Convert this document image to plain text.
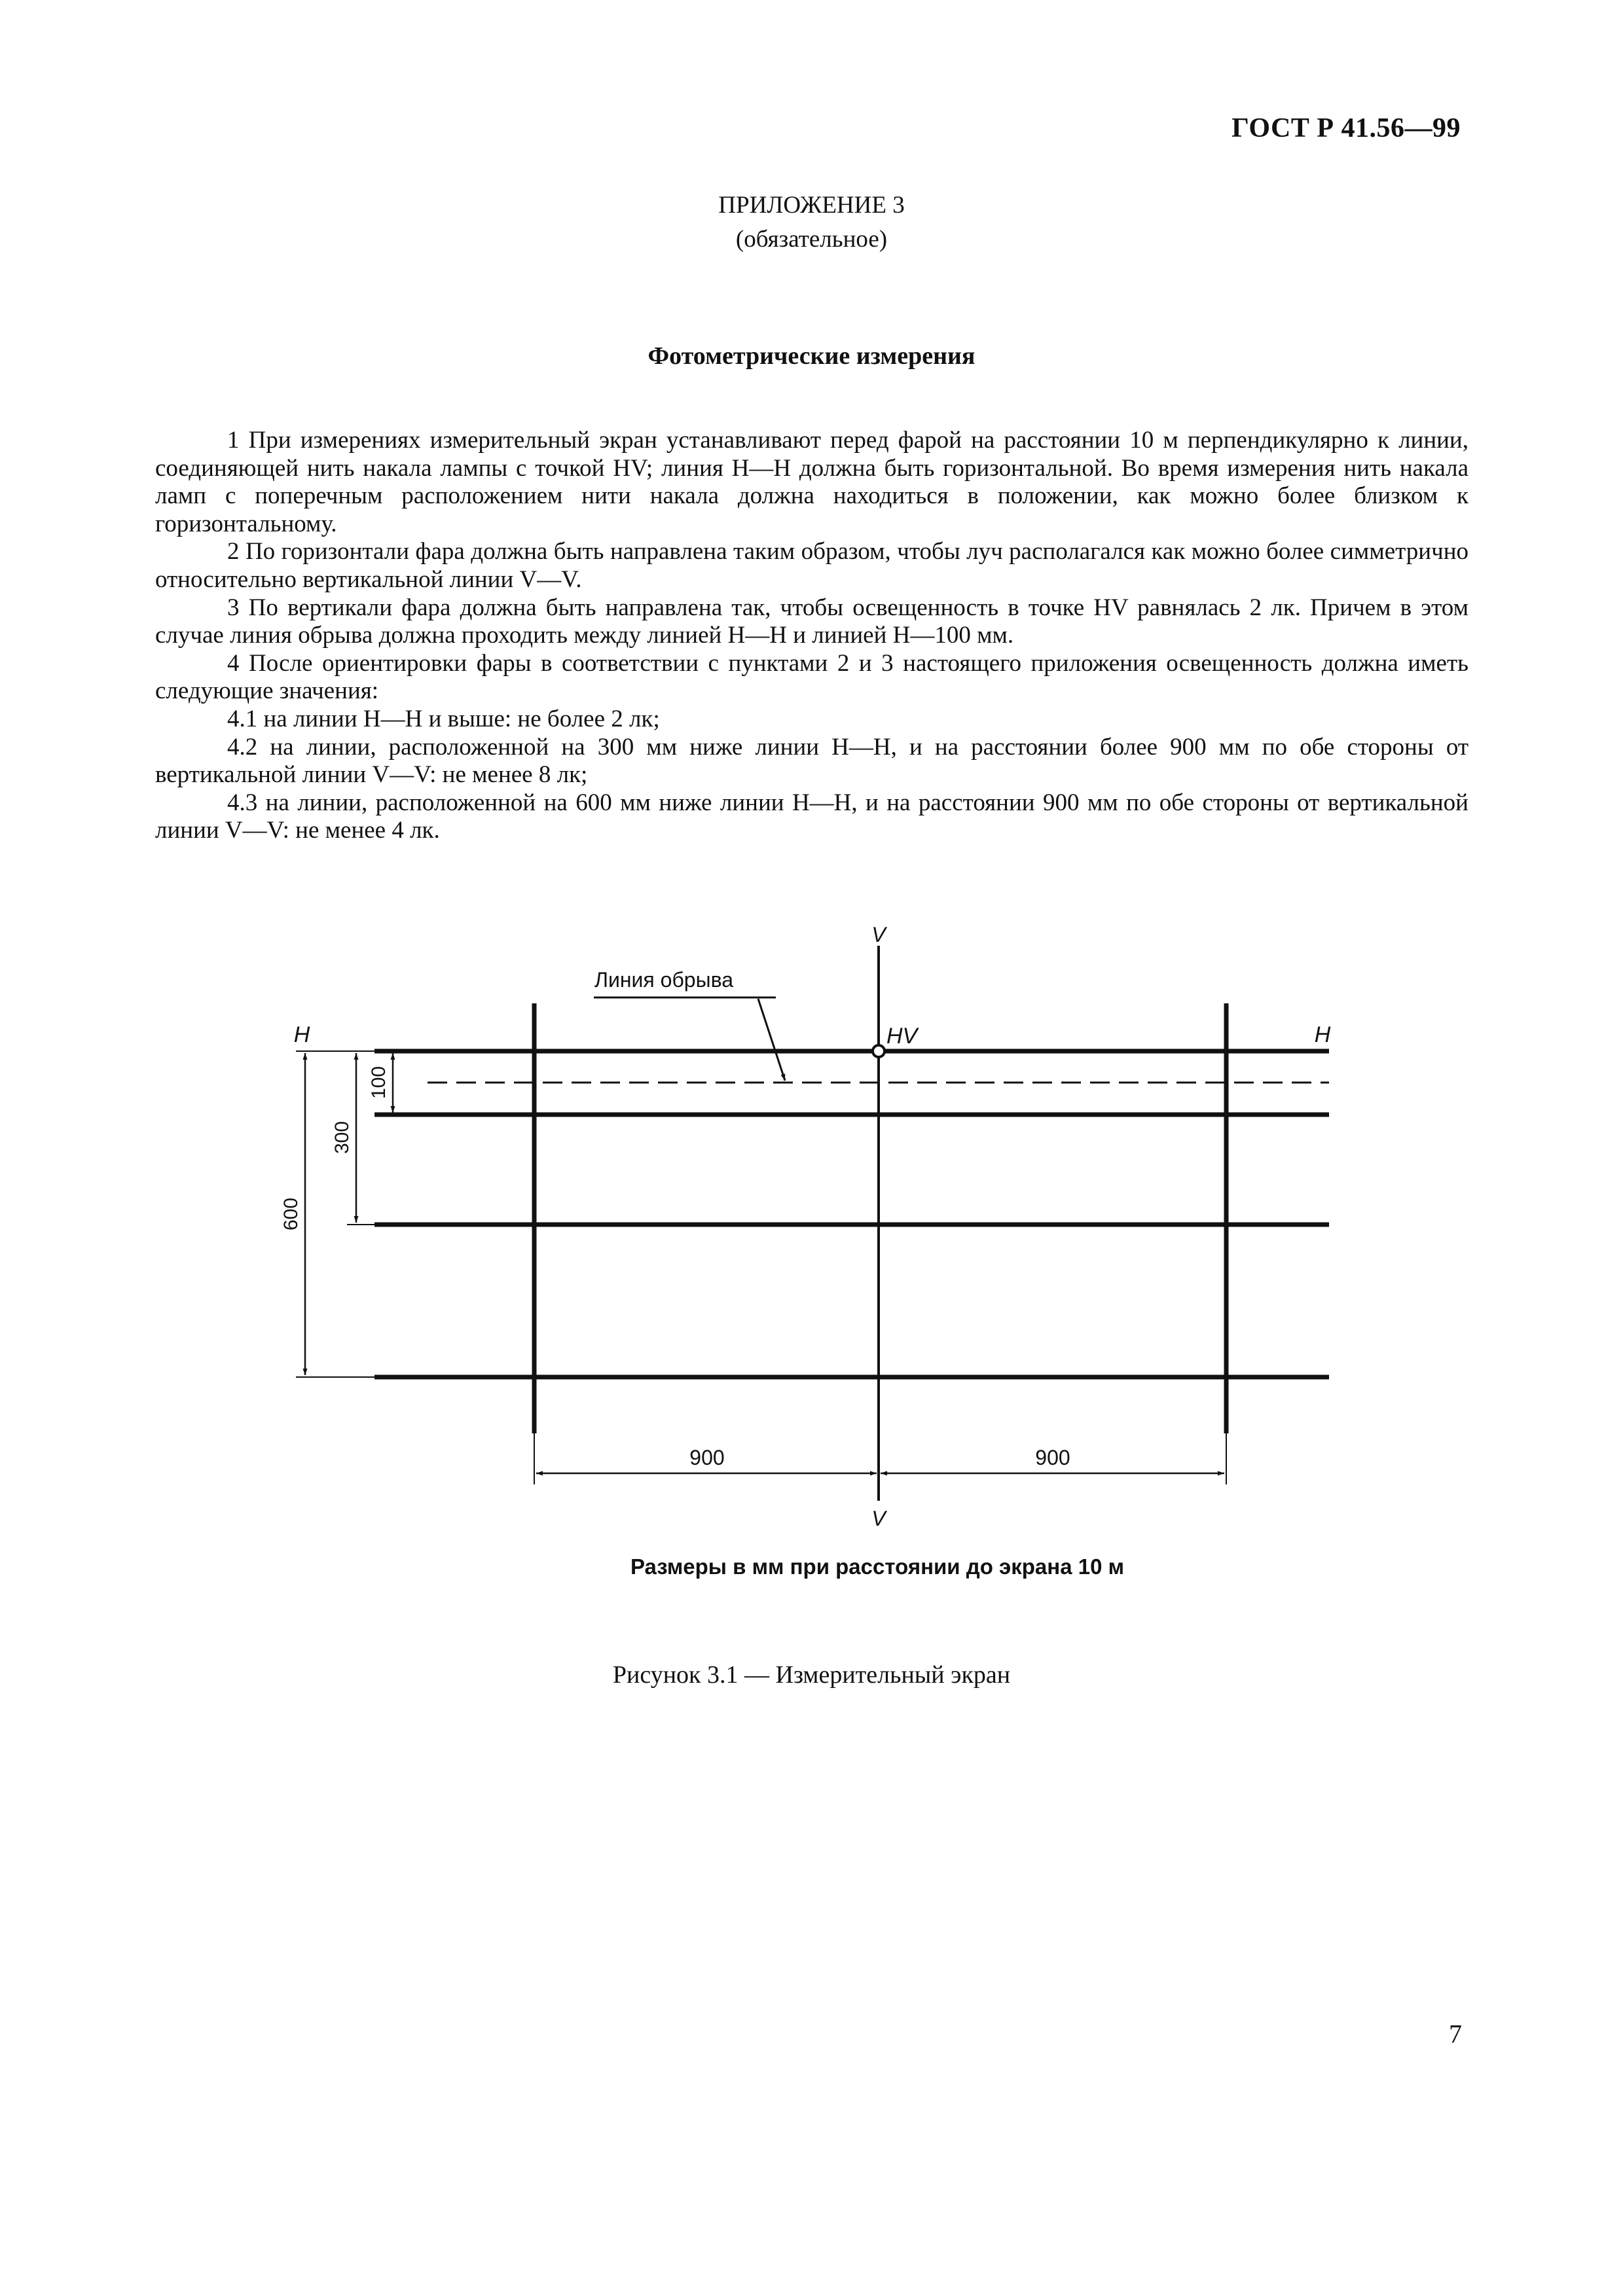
ГОСТ Р 41.56—99
ПРИЛОЖЕНИЕ 3
(обязательное)
Фотометрические измерения

1 При измерениях измерительный экран устанавливают перед фарой на расстоянии 10 м перпендикулярно к линии, соединяющей нить накала лампы с точкой HV; линия H—H должна быть горизонтальной. Во время измерения нить накала ламп с поперечным расположением нити накала должна находиться в положении, как можно более близком к горизонтальному.

2 По горизонтали фара должна быть направлена таким образом, чтобы луч располагался как можно более симметрично относительно вертикальной линии V—V.

3 По вертикали фара должна быть направлена так, чтобы освещенность в точке HV равнялась 2 лк. Причем в этом случае линия обрыва должна проходить между линией H—H и линией H—100 мм.

4 После ориентировки фары в соответствии с пунктами 2 и 3 настоящего приложения освещенность должна иметь следующие значения:

4.1 на линии H—H и выше: не более 2 лк;

4.2 на линии, расположенной на 300 мм ниже линии H—H, и на расстоянии более 900 мм по обе стороны от вертикальной линии V—V: не менее 8 лк;

4.3 на линии, расположенной на 600 мм ниже линии H—H, и на расстоянии 900 мм по обе стороны от вертикальной линии V—V: не менее 4 лк.

V
V
H	H
HV
Линия обрыва
100
300
600
900	900
Размеры в мм при расстоянии до экрана 10 м
Рисунок 3.1 — Измерительный экран
7
